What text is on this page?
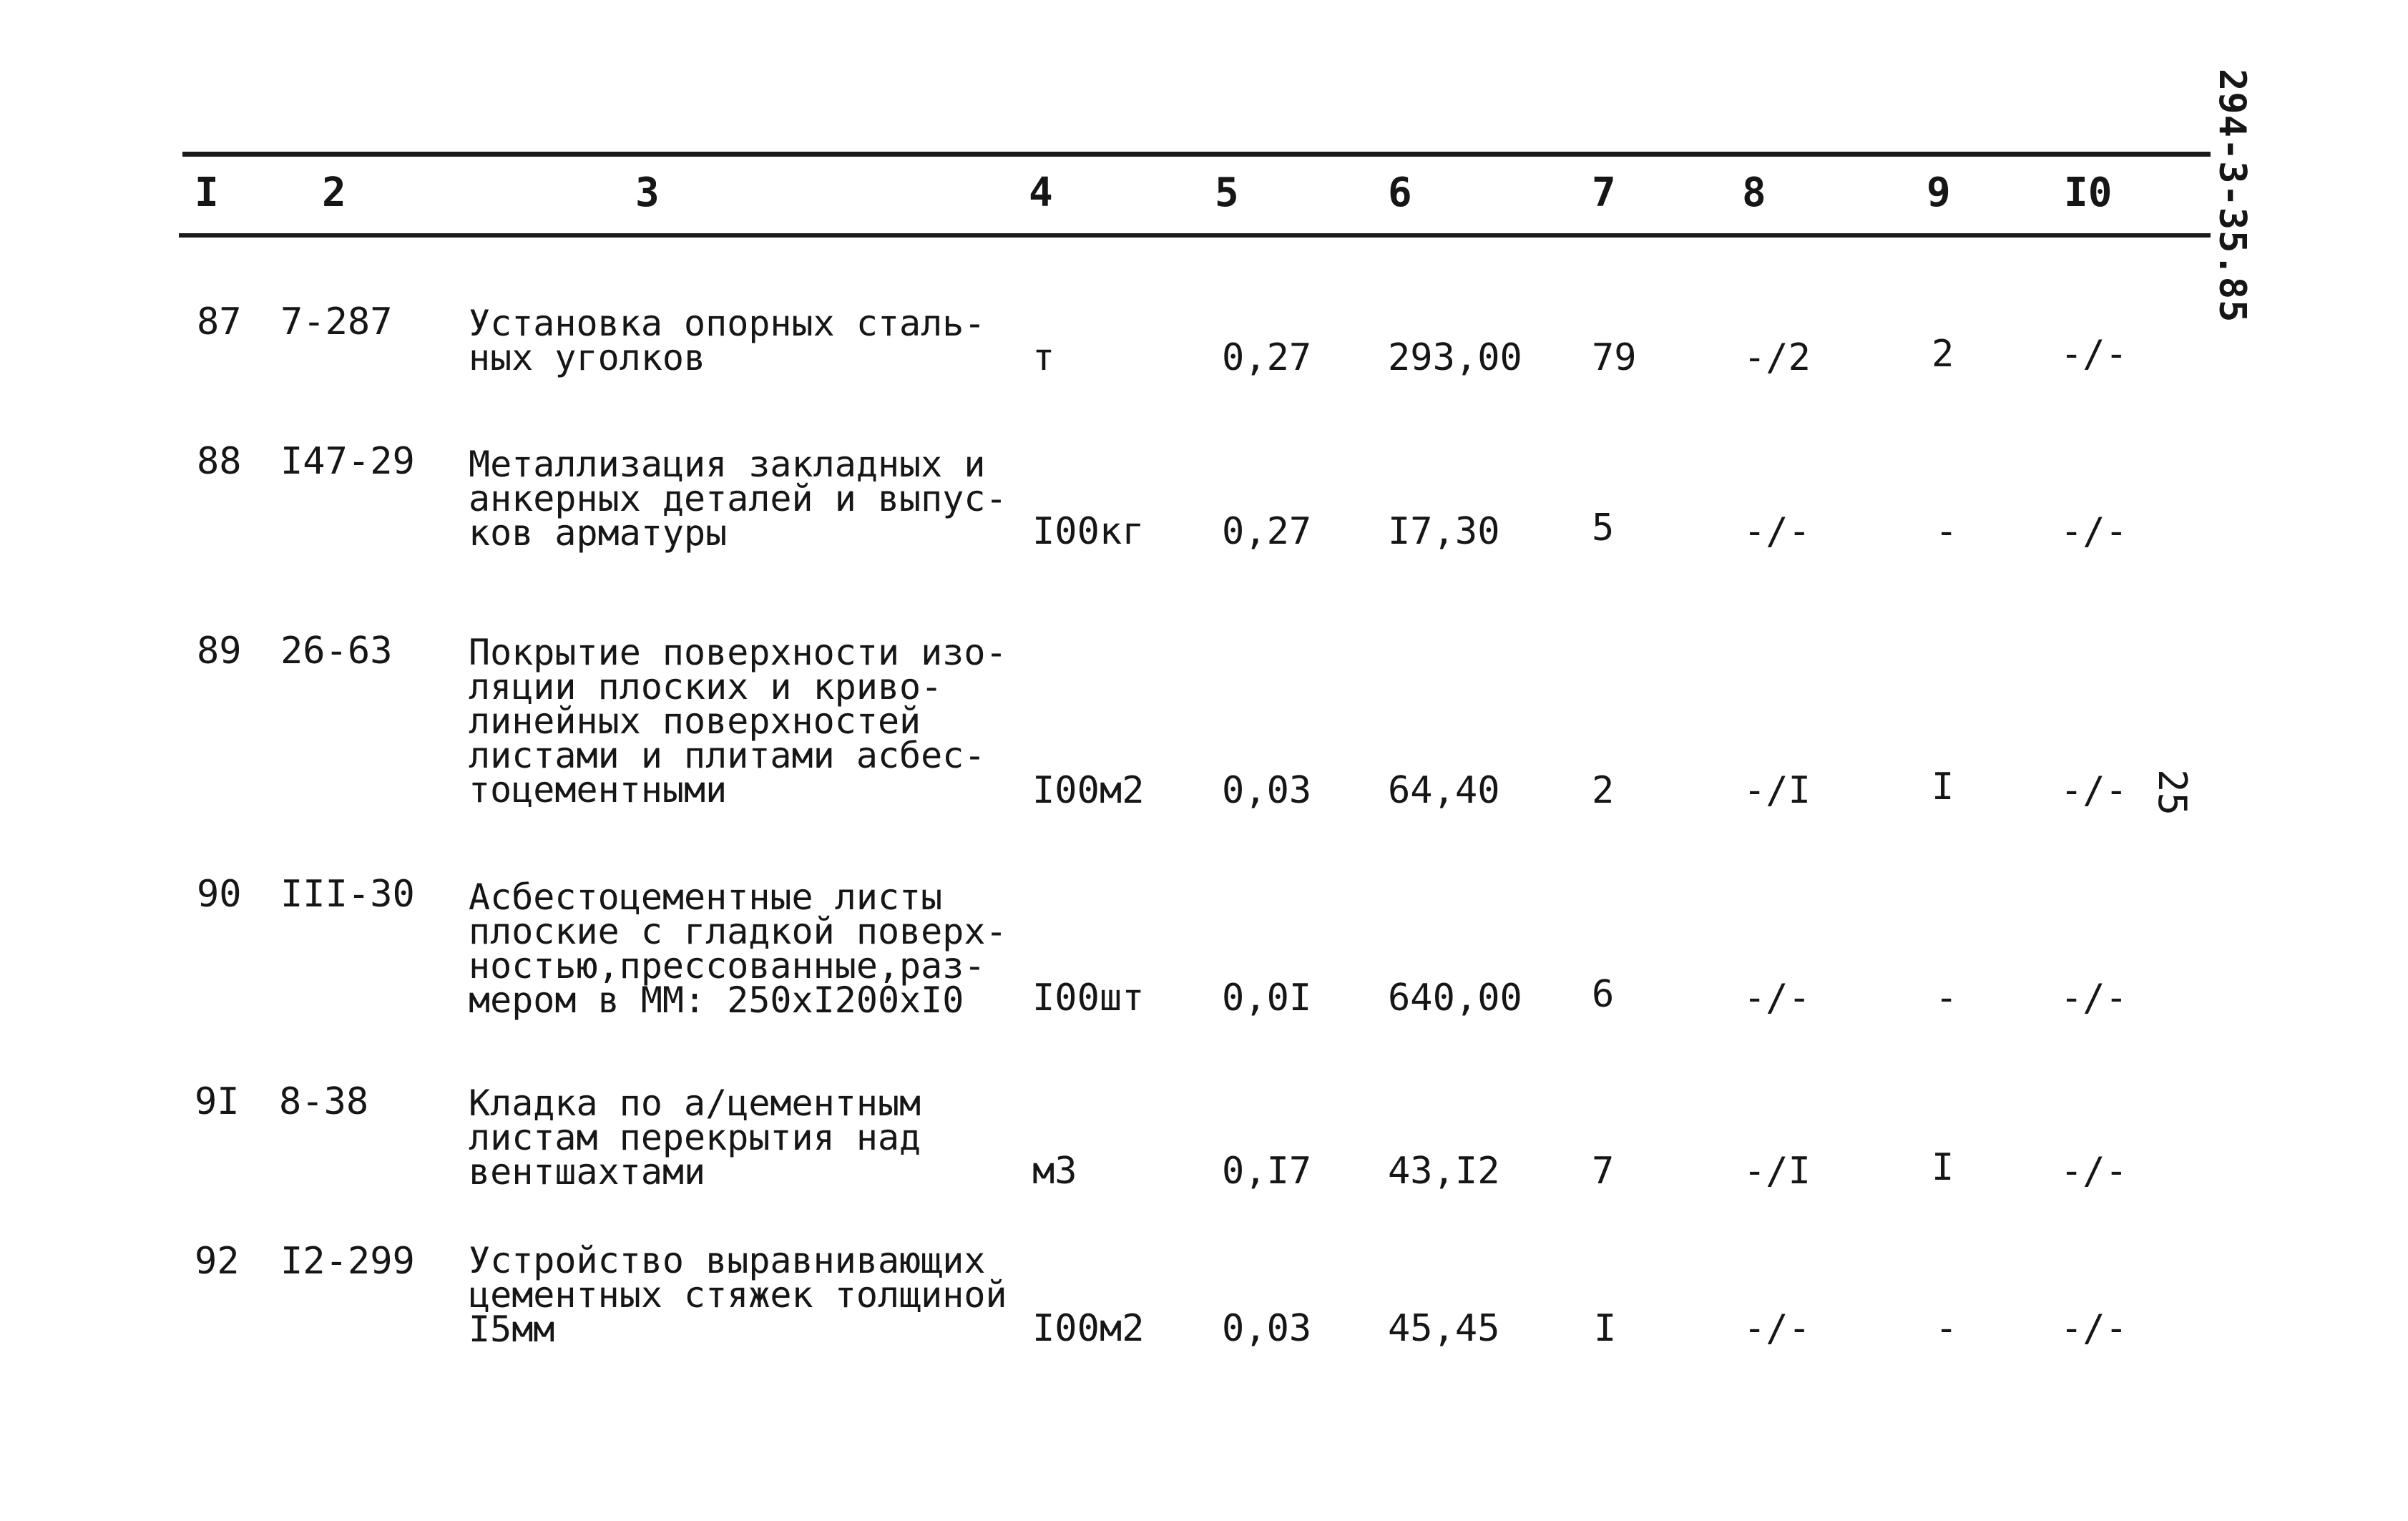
294-3-35.85
I	2	3	4	5	6	7	8	9	I0
87 7-287 Установка опорных сталь-
ных уголков	т	0,27 293,00 79	-/2	2	-/-
88 I47-29 Металлизация закладных и
анкерных деталей и выпус-
ков арматуры	I00кг 0,27 I7,30 5	-/-	-	-/-
89 26-63 Покрытие поверхности изо-
ляции плоских и криво-
линейных поверхностей
листами и плитами асбес-
тоцементными	I00м2 0,03 64,40 2	-/I	I	-/-
90 III-30 Асбестоцементные листы
плоские с гладкой поверх-
ностью,прессованные,раз-
мером в ММ: 250xI200xI0	I00шт 0,0I 640,00 6	-/-	-	-/-
9I 8-38	Кладка по а/цементным
листам перекрытия над
вентшахтами	м3	0,I7 43,I2 7	-/I	I	-/-
92 I2-299 Устройство выравнивающих
цементных стяжек толщиной
I5мм	I00м2 0,03 45,45	I	-/-	-	-/-
25
